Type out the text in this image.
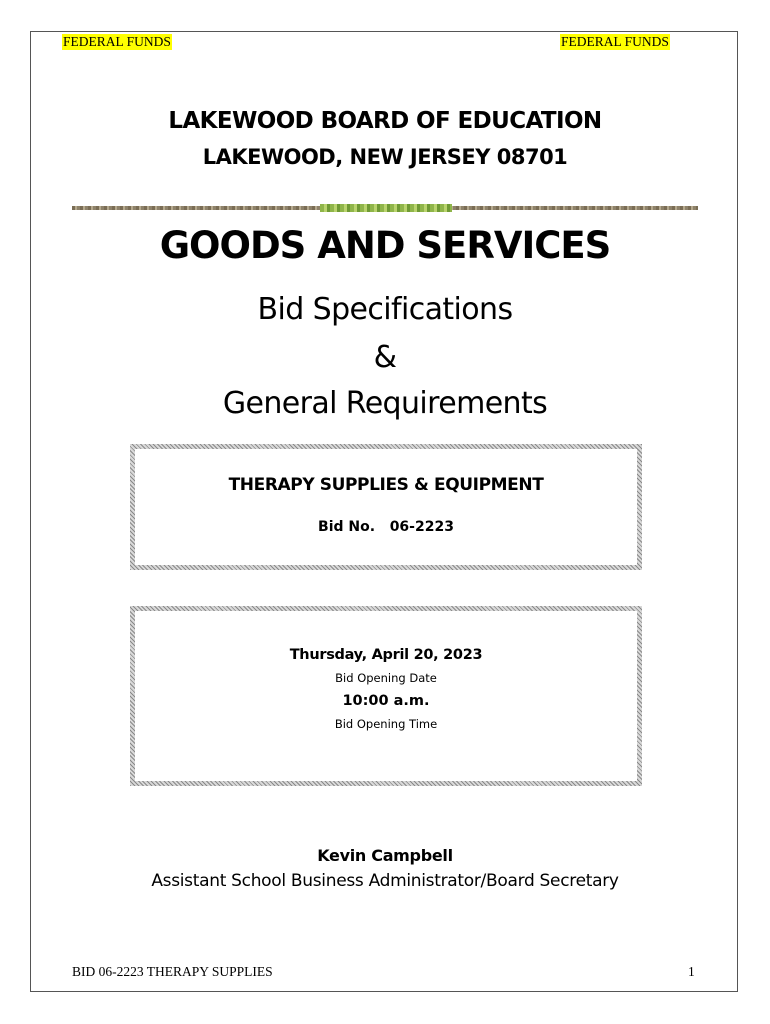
FEDERAL FUNDS	FEDERAL FUNDS
LAKEWOOD BOARD OF EDUCATION
LAKEWOOD, NEW JERSEY 08701
GOODS AND SERVICES
Bid Specifications
&
General Requirements
THERAPY SUPPLIES & EQUIPMENT
Bid No.   06-2223
Thursday, April 20, 2023
Bid Opening Date
10:00 a.m.
Bid Opening Time
Kevin Campbell
Assistant School Business Administrator/Board Secretary
BID 06-2223 THERAPY SUPPLIES	1
